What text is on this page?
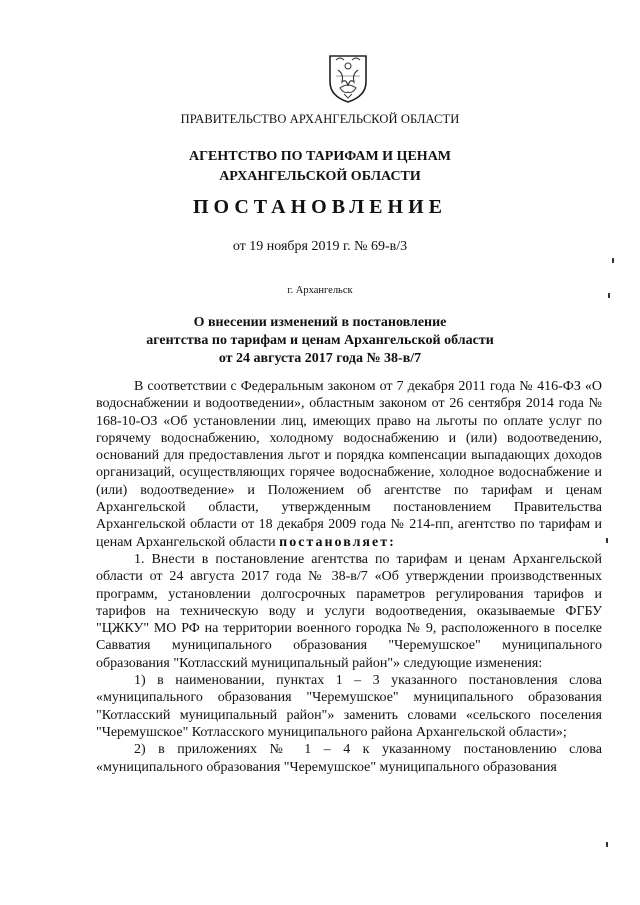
ПРАВИТЕЛЬСТВО АРХАНГЕЛЬСКОЙ ОБЛАСТИ
АГЕНТСТВО ПО ТАРИФАМ И ЦЕНАМ
АРХАНГЕЛЬСКОЙ ОБЛАСТИ
ПОСТАНОВЛЕНИЕ
от 19 ноября 2019 г. № 69-в/3
г. Архангельск
О внесении изменений в постановление
агентства по тарифам и ценам Архангельской области
от 24 августа 2017 года № 38-в/7

В соответствии с Федеральным законом от 7 декабря 2011 года № 416-ФЗ «О водоснабжении и водоотведении», областным законом от 26 сентября 2014 года № 168-10-ОЗ «Об установлении лиц, имеющих право на льготы по оплате услуг по горячему водоснабжению, холодному водоснабжению и (или) водоотведению, оснований для предоставления льгот и порядка компенсации выпадающих доходов организаций, осуществляющих горячее водоснабжение, холодное водоснабжение и (или) водоотведение» и Положением об агентстве по тарифам и ценам Архангельской области, утвержденным постановлением Правительства Архангельской области от 18 декабря 2009 года № 214-пп, агентство по тарифам и ценам Архангельской области постановляет:

1. Внести в постановление агентства по тарифам и ценам Архангельской области от 24 августа 2017 года № 38-в/7 «Об утверждении производственных программ, установлении долгосрочных параметров регулирования тарифов и тарифов на техническую воду и услуги водоотведения, оказываемые ФГБУ "ЦЖКУ" МО РФ на территории военного городка № 9, расположенного в поселке Савватия муниципального образования "Черемушское" муниципального образования "Котласский муниципальный район"» следующие изменения:

1) в наименовании, пунктах 1 – 3 указанного постановления слова «муниципального образования "Черемушское" муниципального образования "Котласский муниципальный район"» заменить словами «сельского поселения "Черемушское" Котласского муниципального района Архангельской области»;

2) в приложениях № 1 – 4 к указанному постановлению слова «муниципального образования "Черемушское" муниципального образования
